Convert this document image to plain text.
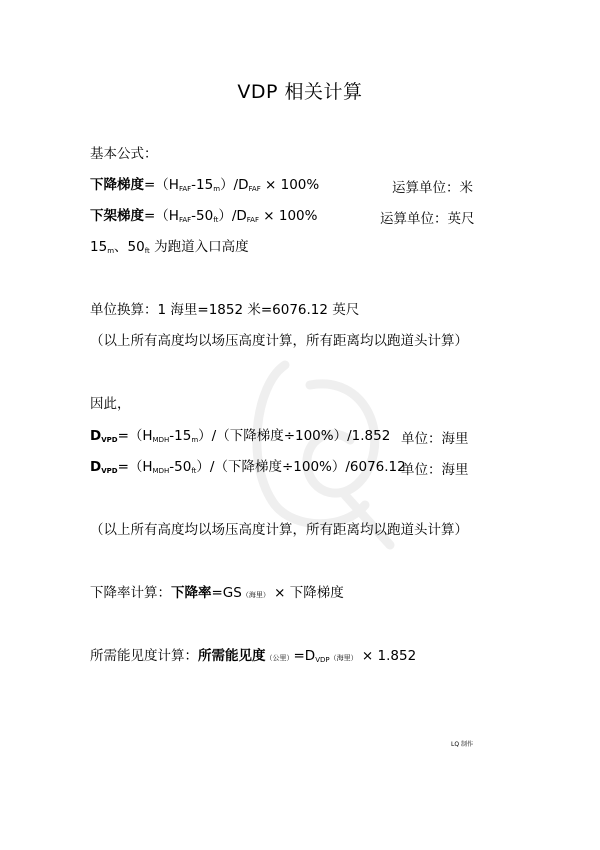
VDP 相关计算
基本公式：
下降梯度$=(H_{FAF}-15_m)/D_{FAF} \times 100\%$	运算单位：米
下架梯度$=(H_{FAF}-50_{ft})/D_{FAF} \times 100\%$	运算单位：英尺
$15_m$、$50_{ft}$ 为跑道入口高度
单位换算：1 海里=1852 米=6076.12 英尺
（以上所有高度均以场压高度计算，所有距离均以跑道头计算）
因此，
$D_{VPD}=(H_{MDH}-15_m)/$（下降梯度÷100%）/1.852 单位：海里
$D_{VPD}=(H_{MDH}-50_{ft})/$（下降梯度÷100%）/6076.12
单位：海里
（以上所有高度均以场压高度计算，所有距离均以跑道头计算）
下降率计算：下降率=GS（海里） × 下降梯度
所需能见度计算：所需能见度（公里）$=D_{VDP}$（海里） × 1.852
LQ 制作
